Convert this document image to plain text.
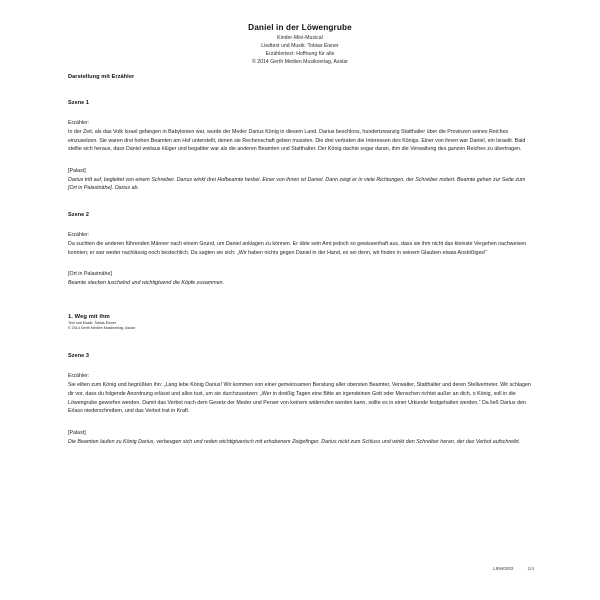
Daniel in der Löwengrube

Kinder-Mini-Musical

Liedtext und Musik: Tobias Eisner

Erzählertext: Hoffnung für alle

© 2014 Gerth Medien Musikverlag, Asslar

Darstellung mit Erzähler
Szene 1
Erzähler:
In der Zeit, als das Volk Israel gefangen in Babylonien war, wurde der Meder Darius König in diesem Land. Darius beschloss, hundertzwanzig Statthalter über die Provinzen seines Reiches einzusetzen. Sie waren drei hohen Beamten am Hof unterstellt, denen sie Rechenschaft geben mussten. Die drei vertraten die Interessen des Königs. Einer von ihnen war Daniel, ein Israelit. Bald stellte sich heraus, dass Daniel weitaus klüger und begabter war als die anderen Beamten und Statthalter. Der König dachte sogar daran, ihm die Verwaltung des ganzen Reiches zu übertragen.
[Palast]
Darius tritt auf, begleitet von einem Schreiber. Darius winkt drei Hofbeamte herbei. Einer von ihnen ist Daniel. Dann zeigt er in viele Richtungen, der Schreiber notiert. Beamte gehen zur Seite zum [Ort in Palastnähe]. Darius ab.
Szene 2
Erzähler:
Da suchten die anderen führenden Männer nach einem Grund, um Daniel anklagen zu können. Er übte sein Amt jedoch so gewissenhaft aus, dass sie ihm nicht das kleinste Vergehen nachweisen konnten; er war weder nachlässig noch bestechlich. Da sagten sie sich: „Wir haben nichts gegen Daniel in der Hand, es sei denn, wir finden in seinem Glauben etwas Anstößiges!“
[Ort in Palastnähe]
Beamte stecken tuschelnd und wichtigtuend die Köpfe zusammen.
1. Weg mit ihm
Text und Musik: Tobias Eisner
© 2014 Gerth Medien Musikverlag, Asslar
Szene 3
Erzähler:
Sie eilten zum König und begrüßten ihn: „Lang lebe König Darius! Wir kommen von einer gemeinsamen Beratung aller obersten Beamter, Verwalter, Statthalter und deren Stellvertreter. Wir schlagen dir vor, dass du folgende Anordnung erlässt und alles tust, um sie durchzusetzen: „Wer in dreißig Tagen eine Bitte an irgendeinen Gott oder Menschen richtet außer an dich, o König, soll in die Löwengrube geworfen werden. Damit das Verbot nach dem Gesetz der Meder und Perser von keinem widerrufen werden kann, sollte es in einer Urkunde festgehalten werden.“ Da ließ Darius den Erlass niederschreiben, und das Verbot trat in Kraft.
[Palast]
Die Beamten laufen zu König Darius, verbeugen sich und reden wichtigtuerisch mit erhobenem Zeigefinger. Darius nickt zum Schluss und winkt den Schreiber heran, der das Verbot aufschreibt.
L9940002	1/4
